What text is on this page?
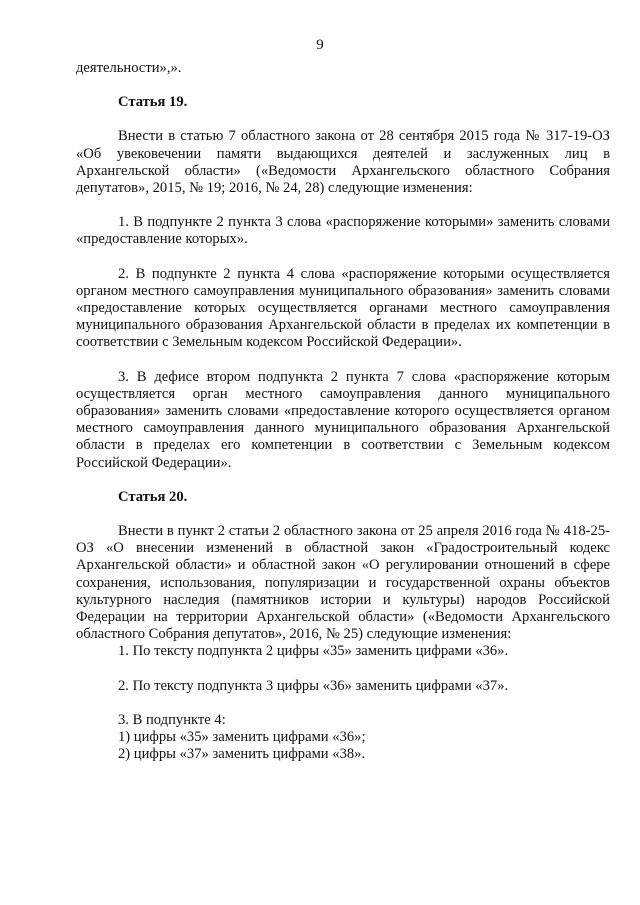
9

деятельности»,».

Статья 19.

Внести в статью 7 областного закона от 28 сентября 2015 года № 317-19-ОЗ «Об увековечении памяти выдающихся деятелей и заслуженных лиц в Архангельской области» («Ведомости Архангельского областного Собрания депутатов», 2015, № 19; 2016, № 24, 28) следующие изменения:

1. В подпункте 2 пункта 3 слова «распоряжение которыми» заменить словами «предоставление которых».

2. В подпункте 2 пункта 4 слова «распоряжение которыми осуществляется органом местного самоуправления муниципального образования» заменить словами «предоставление которых осуществляется органами местного самоуправления муниципального образования Архангельской области в пределах их компетенции в соответствии с Земельным кодексом Российской Федерации».

3. В дефисе втором подпункта 2 пункта 7 слова «распоряжение которым осуществляется орган местного самоуправления данного муниципального образования» заменить словами «предоставление которого осуществляется органом местного самоуправления данного муниципального образования Архангельской области в пределах его компетенции в соответствии с Земельным кодексом Российской Федерации».

Статья 20.

Внести в пункт 2 статьи 2 областного закона от 25 апреля 2016 года № 418-25-ОЗ «О внесении изменений в областной закон «Градостроительный кодекс Архангельской области» и областной закон «О регулировании отношений в сфере сохранения, использования, популяризации и государственной охраны объектов культурного наследия (памятников истории и культуры) народов Российской Федерации на территории Архангельской области» («Ведомости Архангельского областного Собрания депутатов», 2016, № 25) следующие изменения:

1. По тексту подпункта 2 цифры «35» заменить цифрами «36».

2. По тексту подпункта 3 цифры «36» заменить цифрами «37».

3. В подпункте 4:

1) цифры «35» заменить цифрами «36»;

2) цифры «37» заменить цифрами «38».
